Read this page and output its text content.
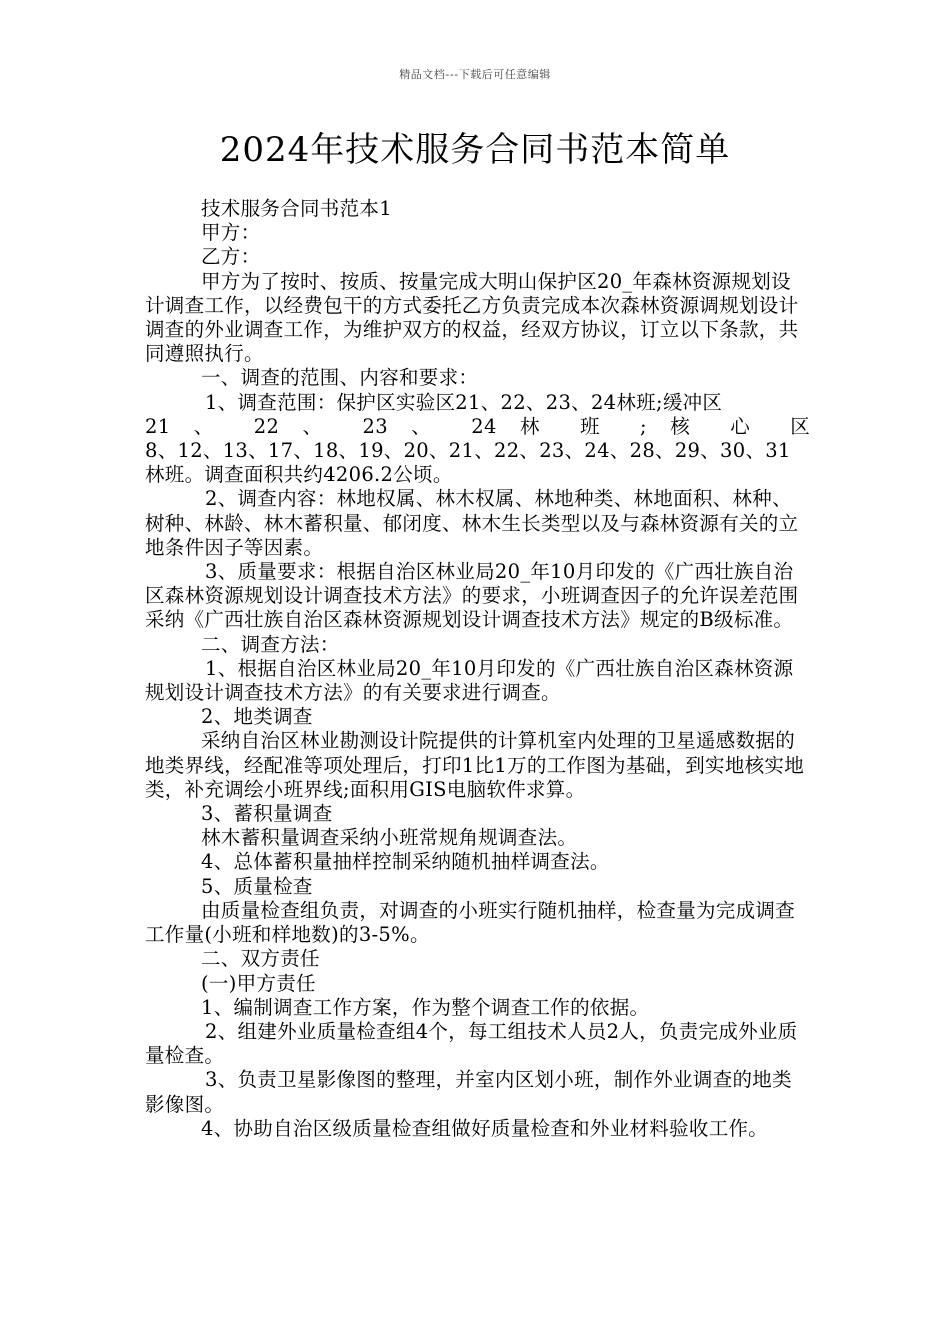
精品文档---下载后可任意编辑
2024年技术服务合同书范本简单

技术服务合同书范本1

甲方：

乙方：

甲方为了按时、按质、按量完成大明山保护区20_年森林资源规划设计调查工作，以经费包干的方式委托乙方负责完成本次森林资源调规划设计调查的外业调查工作，为维护双方的权益，经双方协议，订立以下条款，共同遵照执行。

一、调查的范围、内容和要求：

1、调查范围：保护区实验区21、22、23、24林班;缓冲区

21 、 22 、 23 、 24 林 班 ; 核 心 区

8、12、13、17、18、19、20、21、22、23、24、28、29、30、31林班。调查面积共约4206.2公顷。

2、调查内容：林地权属、林木权属、林地种类、林地面积、林种、树种、林龄、林木蓄积量、郁闭度、林木生长类型以及与森林资源有关的立地条件因子等因素。

3、质量要求：根据自治区林业局20_年10月印发的《广西壮族自治区森林资源规划设计调查技术方法》的要求，小班调查因子的允许误差范围采纳《广西壮族自治区森林资源规划设计调查技术方法》规定的B级标准。

二、调查方法：

1、根据自治区林业局20_年10月印发的《广西壮族自治区森林资源规划设计调查技术方法》的有关要求进行调查。

2、地类调查

采纳自治区林业勘测设计院提供的计算机室内处理的卫星遥感数据的地类界线，经配准等项处理后，打印1比1万的工作图为基础，到实地核实地类，补充调绘小班界线;面积用GIS电脑软件求算。

3、蓄积量调查

林木蓄积量调查采纳小班常规角规调查法。

4、总体蓄积量抽样控制采纳随机抽样调查法。

5、质量检查

由质量检查组负责，对调查的小班实行随机抽样，检查量为完成调查工作量(小班和样地数)的3-5%。

二、双方责任

(一)甲方责任

1、编制调查工作方案，作为整个调查工作的依据。

2、组建外业质量检查组4个，每工组技术人员2人，负责完成外业质量检查。

3、负责卫星影像图的整理，并室内区划小班，制作外业调查的地类影像图。

4、协助自治区级质量检查组做好质量检查和外业材料验收工作。
